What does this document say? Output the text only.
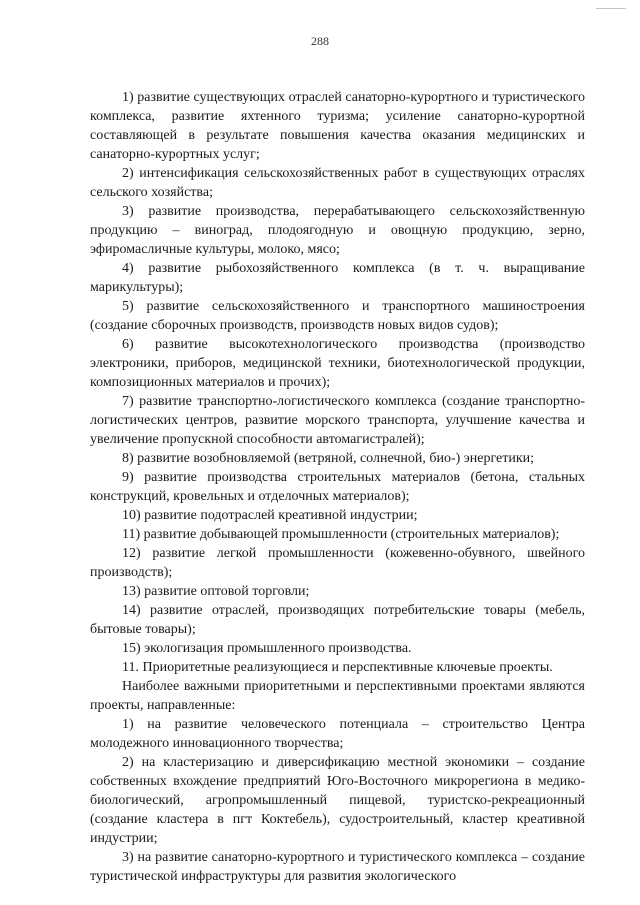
288

1) развитие существующих отраслей санаторно-курортного и туристического комплекса, развитие яхтенного туризма; усиление санаторно-курортной составляющей в результате повышения качества оказания медицинских и санаторно-курортных услуг;

2) интенсификация сельскохозяйственных работ в существующих отраслях сельского хозяйства;

3) развитие производства, перерабатывающего сельскохозяйственную продукцию – виноград, плодоягодную и овощную продукцию, зерно, эфиромасличные культуры, молоко, мясо;

4) развитие рыбохозяйственного комплекса (в т. ч. выращивание марикультуры);

5) развитие сельскохозяйственного и транспортного машиностроения (создание сборочных производств, производств новых видов судов);

6) развитие высокотехнологического производства (производство электроники, приборов, медицинской техники, биотехнологической продукции, композиционных материалов и прочих);

7) развитие транспортно-логистического комплекса (создание транспортно-логистических центров, развитие морского транспорта, улучшение качества и увеличение пропускной способности автомагистралей);

8) развитие возобновляемой (ветряной, солнечной, био-) энергетики;

9) развитие производства строительных материалов (бетона, стальных конструкций, кровельных и отделочных материалов);

10) развитие подотраслей креативной индустрии;

11) развитие добывающей промышленности (строительных материалов);

12) развитие легкой промышленности (кожевенно-обувного, швейного производств);

13) развитие оптовой торговли;

14) развитие отраслей, производящих потребительские товары (мебель, бытовые товары);

15) экологизация промышленного производства.

11. Приоритетные реализующиеся и перспективные ключевые проекты.

Наиболее важными приоритетными и перспективными проектами являются проекты, направленные:

1) на развитие человеческого потенциала – строительство Центра молодежного инновационного творчества;

2) на кластеризацию и диверсификацию местной экономики – создание собственных вхождение предприятий Юго-Восточного микрорегиона в медико-биологический, агропромышленный пищевой, туристско-рекреационный (создание кластера в пгт Коктебель), судостроительный, кластер креативной индустрии;

3) на развитие санаторно-курортного и туристического комплекса – создание туристической инфраструктуры для развития экологического
